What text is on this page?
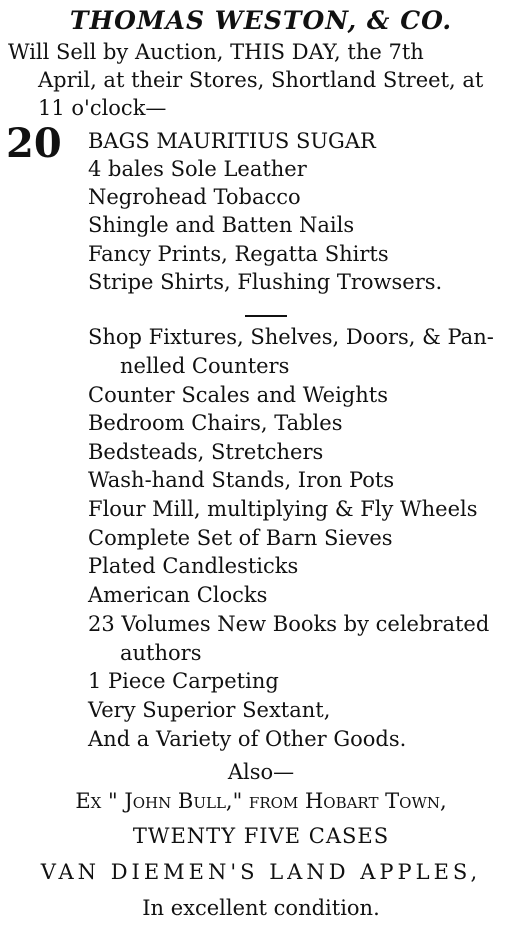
THOMAS WESTON, & CO.
Will Sell by Auction, THIS DAY, the 7th
April, at their Stores, Shortland Street, at
11 o'clock—
20 BAGS MAURITIUS SUGAR
4 bales Sole Leather
Negrohead Tobacco
Shingle and Batten Nails
Fancy Prints, Regatta Shirts
Stripe Shirts, Flushing Trowsers.
Shop Fixtures, Shelves, Doors, & Pan-
nelled Counters
Counter Scales and Weights
Bedroom Chairs, Tables
Bedsteads, Stretchers
Wash-hand Stands, Iron Pots
Flour Mill, multiplying & Fly Wheels
Complete Set of Barn Sieves
Plated Candlesticks
American Clocks
23 Volumes New Books by celebrated
authors
1 Piece Carpeting
Very Superior Sextant,
And a Variety of Other Goods.
Also—
Ex " John Bull," from Hobart Town,
TWENTY FIVE CASES
VAN DIEMEN'S LAND APPLES,
In excellent condition.
